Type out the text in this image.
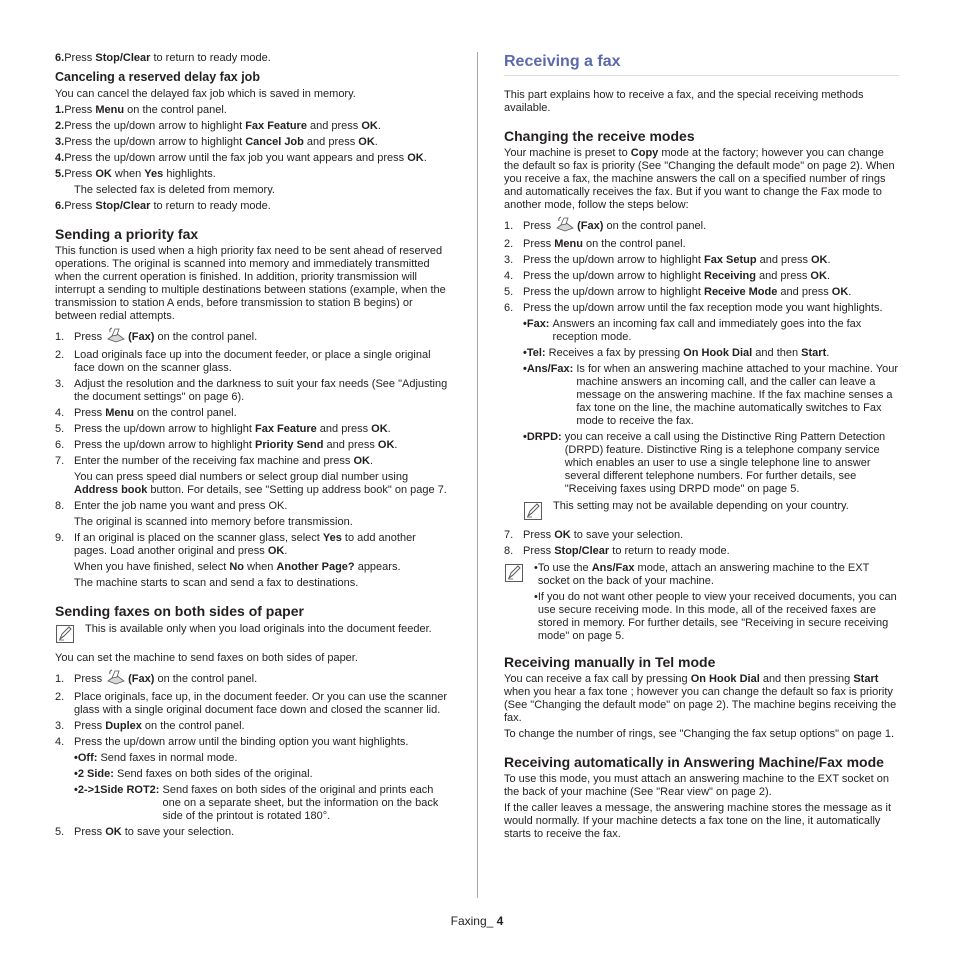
6. Press Stop/Clear to return to ready mode.
Canceling a reserved delay fax job

You can cancel the delayed fax job which is saved in memory.

1. Press Menu on the control panel.
2. Press the up/down arrow to highlight Fax Feature and press OK.
3. Press the up/down arrow to highlight Cancel Job and press OK.
4. Press the up/down arrow until the fax job you want appears and press OK.
5. Press OK when Yes highlights.
The selected fax is deleted from memory.
6. Press Stop/Clear to return to ready mode.
Sending a priority fax

This function is used when a high priority fax need to be sent ahead of reserved operations. The original is scanned into memory and immediately transmitted when the current operation is finished. In addition, priority transmission will interrupt a sending to multiple destinations between stations (example, when the transmission to station A ends, before transmission to station B begins) or between redial attempts.

1. Press (Fax) on the control panel.
2. Load originals face up into the document feeder, or place a single original face down on the scanner glass.
3. Adjust the resolution and the darkness to suit your fax needs (See "Adjusting the document settings" on page 6).
4. Press Menu on the control panel.
5. Press the up/down arrow to highlight Fax Feature and press OK.
6. Press the up/down arrow to highlight Priority Send and press OK.
7. Enter the number of the receiving fax machine and press OK.
You can press speed dial numbers or select group dial number using Address book button. For details, see "Setting up address book" on page 7.
8. Enter the job name you want and press OK.
The original is scanned into memory before transmission.
9. If an original is placed on the scanner glass, select Yes to add another pages. Load another original and press OK.
When you have finished, select No when Another Page? appears.
The machine starts to scan and send a fax to destinations.
Sending faxes on both sides of paper
This is available only when you load originals into the document feeder.

You can set the machine to send faxes on both sides of paper.

1. Press (Fax) on the control panel.
2. Place originals, face up, in the document feeder. Or you can use the scanner glass with a single original document face down and closed the scanner lid.
3. Press Duplex on the control panel.
4. Press the up/down arrow until the binding option you want highlights.
•Off: Send faxes in normal mode.
•2 Side: Send faxes on both sides of the original.
•2->1Side ROT2: Send faxes on both sides of the original and prints each one on a separate sheet, but the information on the back side of the printout is rotated 180°.
5. Press OK to save your selection.
Receiving a fax

This part explains how to receive a fax, and the special receiving methods available.

Changing the receive modes

Your machine is preset to Copy mode at the factory; however you can change the default so fax is priority (See "Changing the default mode" on page 2). When you receive a fax, the machine answers the call on a specified number of rings and automatically receives the fax. But if you want to change the Fax mode to another mode, follow the steps below:

1. Press (Fax) on the control panel.
2. Press Menu on the control panel.
3. Press the up/down arrow to highlight Fax Setup and press OK.
4. Press the up/down arrow to highlight Receiving and press OK.
5. Press the up/down arrow to highlight Receive Mode and press OK.
6. Press the up/down arrow until the fax reception mode you want highlights.
•Fax: Answers an incoming fax call and immediately goes into the fax reception mode.
•Tel: Receives a fax by pressing On Hook Dial and then Start.
•Ans/Fax: Is for when an answering machine attached to your machine. Your machine answers an incoming call, and the caller can leave a message on the answering machine. If the fax machine senses a fax tone on the line, the machine automatically switches to Fax mode to receive the fax.
•DRPD: you can receive a call using the Distinctive Ring Pattern Detection (DRPD) feature. Distinctive Ring is a telephone company service which enables an user to use a single telephone line to answer several different telephone numbers. For further details, see "Receiving faxes using DRPD mode" on page 5.
This setting may not be available depending on your country.
7. Press OK to save your selection.
8. Press Stop/Clear to return to ready mode.
• To use the Ans/Fax mode, attach an answering machine to the EXT socket on the back of your machine.
• If you do not want other people to view your received documents, you can use secure receiving mode. In this mode, all of the received faxes are stored in memory. For further details, see "Receiving in secure receiving mode" on page 5.
Receiving manually in Tel mode

You can receive a fax call by pressing On Hook Dial and then pressing Start when you hear a fax tone ; however you can change the default so fax is priority (See "Changing the default mode" on page 2). The machine begins receiving the fax.

To change the number of rings, see "Changing the fax setup options" on page 1.

Receiving automatically in Answering Machine/Fax mode

To use this mode, you must attach an answering machine to the EXT socket on the back of your machine (See "Rear view" on page 2).

If the caller leaves a message, the answering machine stores the message as it would normally. If your machine detects a fax tone on the line, it automatically starts to receive the fax.

Faxing_ 4
